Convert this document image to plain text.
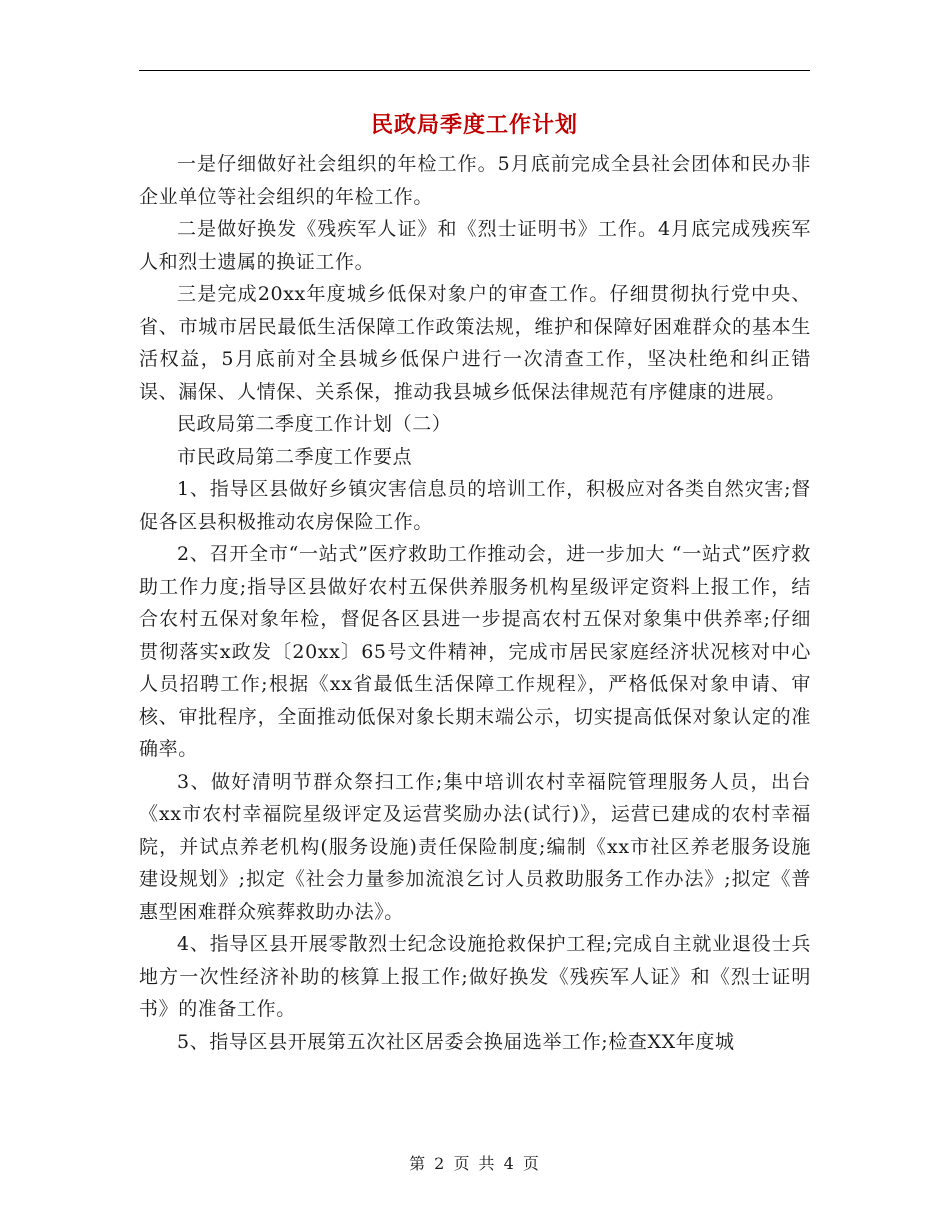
民政局季度工作计划

一是仔细做好社会组织的年检工作。5月底前完成全县社会团体和民办非企业单位等社会组织的年检工作。

二是做好换发《残疾军人证》和《烈士证明书》工作。4月底完成残疾军人和烈士遗属的换证工作。

三是完成20xx年度城乡低保对象户的审查工作。仔细贯彻执行党中央、省、市城市居民最低生活保障工作政策法规，维护和保障好困难群众的基本生活权益，5月底前对全县城乡低保户进行一次清查工作，坚决杜绝和纠正错误、漏保、人情保、关系保，推动我县城乡低保法律规范有序健康的进展。

民政局第二季度工作计划（二）

市民政局第二季度工作要点

1、指导区县做好乡镇灾害信息员的培训工作，积极应对各类自然灾害;督促各区县积极推动农房保险工作。

2、召开全市“一站式”医疗救助工作推动会，进一步加大 “一站式”医疗救助工作力度;指导区县做好农村五保供养服务机构星级评定资料上报工作，结合农村五保对象年检，督促各区县进一步提高农村五保对象集中供养率;仔细贯彻落实x政发〔20xx〕65号文件精神，完成市居民家庭经济状况核对中心人员招聘工作;根据《xx省最低生活保障工作规程》，严格低保对象申请、审核、审批程序，全面推动低保对象长期末端公示，切实提高低保对象认定的准确率。

3、做好清明节群众祭扫工作;集中培训农村幸福院管理服务人员，出台《xx市农村幸福院星级评定及运营奖励办法(试行)》，运营已建成的农村幸福院，并试点养老机构(服务设施)责任保险制度;编制《xx市社区养老服务设施建设规划》;拟定《社会力量参加流浪乞讨人员救助服务工作办法》;拟定《普惠型困难群众殡葬救助办法》。

4、指导区县开展零散烈士纪念设施抢救保护工程;完成自主就业退役士兵地方一次性经济补助的核算上报工作;做好换发《残疾军人证》和《烈士证明书》的准备工作。

5、指导区县开展第五次社区居委会换届选举工作;检查XX年度城

第 2 页 共 4 页
